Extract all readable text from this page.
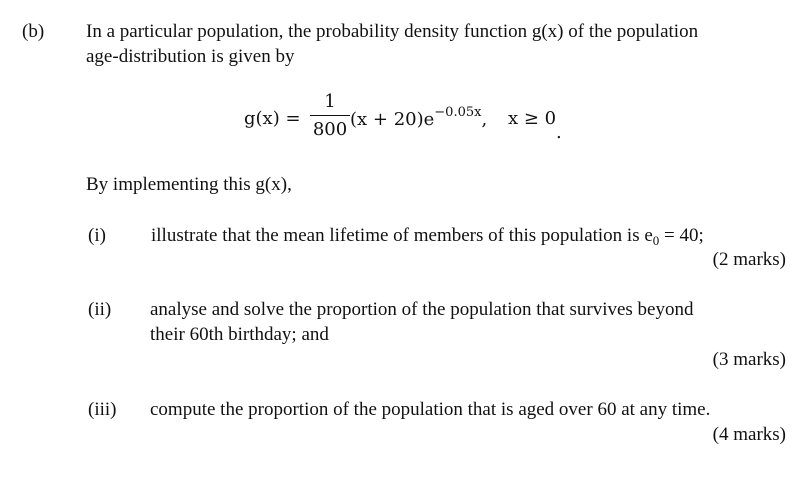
(b) In a particular population, the probability density function g(x) of the population
age-distribution is given by
g(x) =
1
800 $(x + 20)e^{-0.05x}$, x ≥ 0
.
By implementing this g(x),
(i) illustrate that the mean lifetime of members of this population is $e_0 = 40$;
(2 marks)
(ii) analyse and solve the proportion of the population that survives beyond
their 60th birthday; and
(3 marks)
(iii) compute the proportion of the population that is aged over 60 at any time.
(4 marks)
